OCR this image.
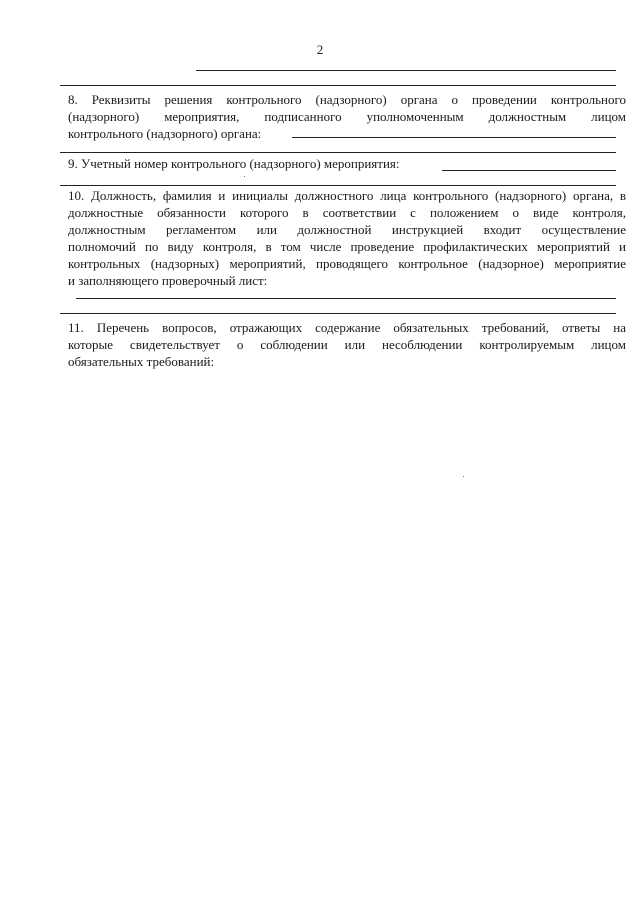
2
8. Реквизиты решения контрольного (надзорного) органа о проведении контрольного
(надзорного) мероприятия, подписанного уполномоченным должностным лицом
контрольного (надзорного) органа:
9. Учетный номер контрольного (надзорного) мероприятия:
10. Должность, фамилия и инициалы должностного лица контрольного (надзорного) органа, в
должностные обязанности которого в соответствии с положением о виде контроля,
должностным регламентом или должностной инструкцией входит осуществление
полномочий по виду контроля, в том числе проведение профилактических мероприятий и
контрольных (надзорных) мероприятий, проводящего контрольное (надзорное) мероприятие
и заполняющего проверочный лист:
11. Перечень вопросов, отражающих содержание обязательных требований, ответы на
которые свидетельствует о соблюдении или несоблюдении контролируемым лицом
обязательных требований:
